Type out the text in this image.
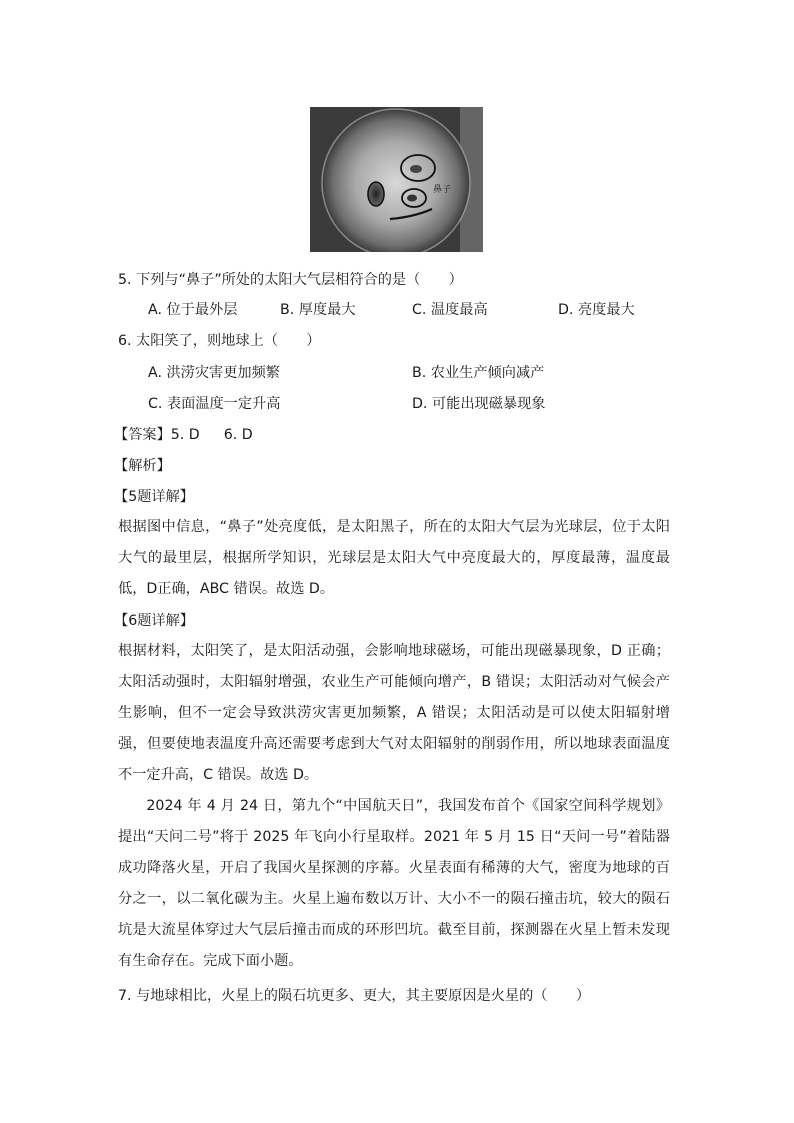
鼻子
5. 下列与“鼻子”所处的太阳大气层相符合的是（　　）
A. 位于最外层	B. 厚度最大	C. 温度最高	D. 亮度最大
6. 太阳笑了，则地球上（　　）
A. 洪涝灾害更加频繁	B. 农业生产倾向减产
C. 表面温度一定升高	D. 可能出现磁暴现象
【答案】5. D 6. D
【解析】
【5题详解】
根据图中信息，“鼻子”处亮度低，是太阳黑子，所在的太阳大气层为光球层，位于太阳大气的最里层，根据所学知识，光球层是太阳大气中亮度最大的，厚度最薄，温度最低，D正确，ABC 错误。故选 D。
【6题详解】
根据材料，太阳笑了，是太阳活动强，会影响地球磁场，可能出现磁暴现象，D 正确；太阳活动强时，太阳辐射增强，农业生产可能倾向增产，B 错误；太阳活动对气候会产生影响，但不一定会导致洪涝灾害更加频繁，A 错误；太阳活动是可以使太阳辐射增强，但要使地表温度升高还需要考虑到大气对太阳辐射的削弱作用，所以地球表面温度不一定升高，C 错误。故选 D。
2024 年 4 月 24 日，第九个“中国航天日”，我国发布首个《国家空间科学规划》提出“天问二号”将于 2025 年飞向小行星取样。2021 年 5 月 15 日“天问一号”着陆器成功降落火星，开启了我国火星探测的序幕。火星表面有稀薄的大气，密度为地球的百分之一，以二氧化碳为主。火星上遍布数以万计、大小不一的陨石撞击坑，较大的陨石坑是大流星体穿过大气层后撞击而成的环形凹坑。截至目前，探测器在火星上暂未发现有生命存在。完成下面小题。
7. 与地球相比，火星上的陨石坑更多、更大，其主要原因是火星的（　　）
